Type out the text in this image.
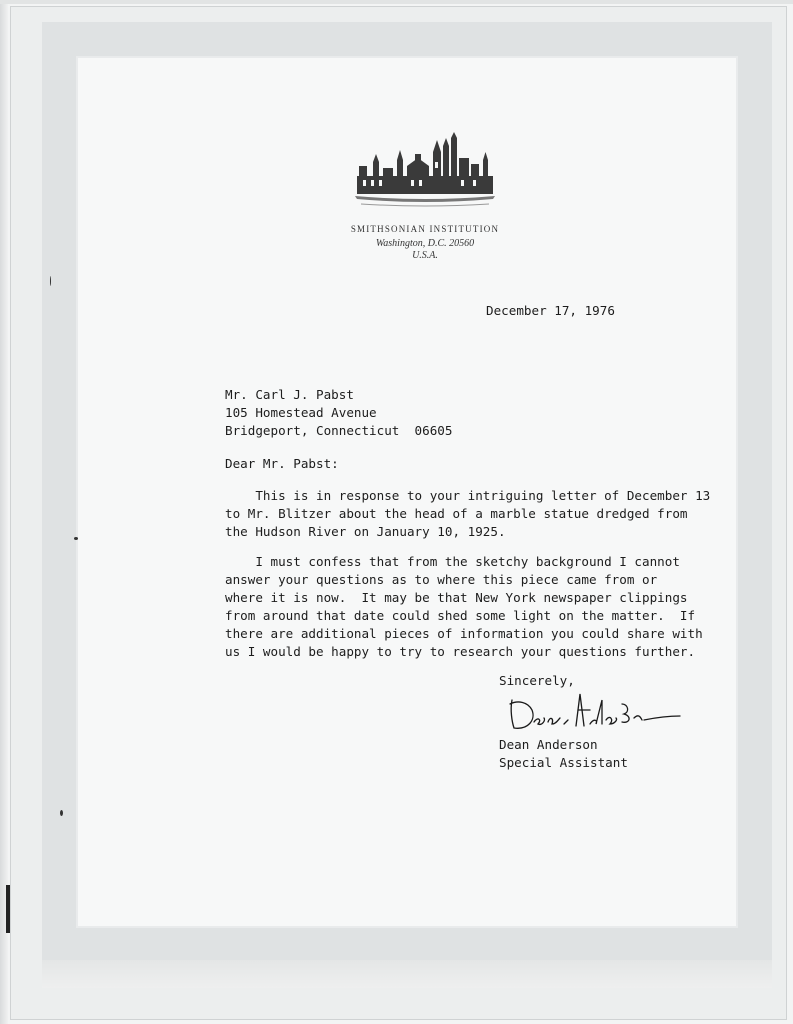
SMITHSONIAN INSTITUTION
Washington, D.C. 20560
U.S.A.
December 17, 1976
Mr. Carl J. Pabst
105 Homestead Avenue
Bridgeport, Connecticut  06605
Dear Mr. Pabst:
This is in response to your intriguing letter of December 13
to Mr. Blitzer about the head of a marble statue dredged from
the Hudson River on January 10, 1925.
I must confess that from the sketchy background I cannot
answer your questions as to where this piece came from or
where it is now.  It may be that New York newspaper clippings
from around that date could shed some light on the matter.  If
there are additional pieces of information you could share with
us I would be happy to try to research your questions further.
Sincerely,
Dean Anderson
Special Assistant
